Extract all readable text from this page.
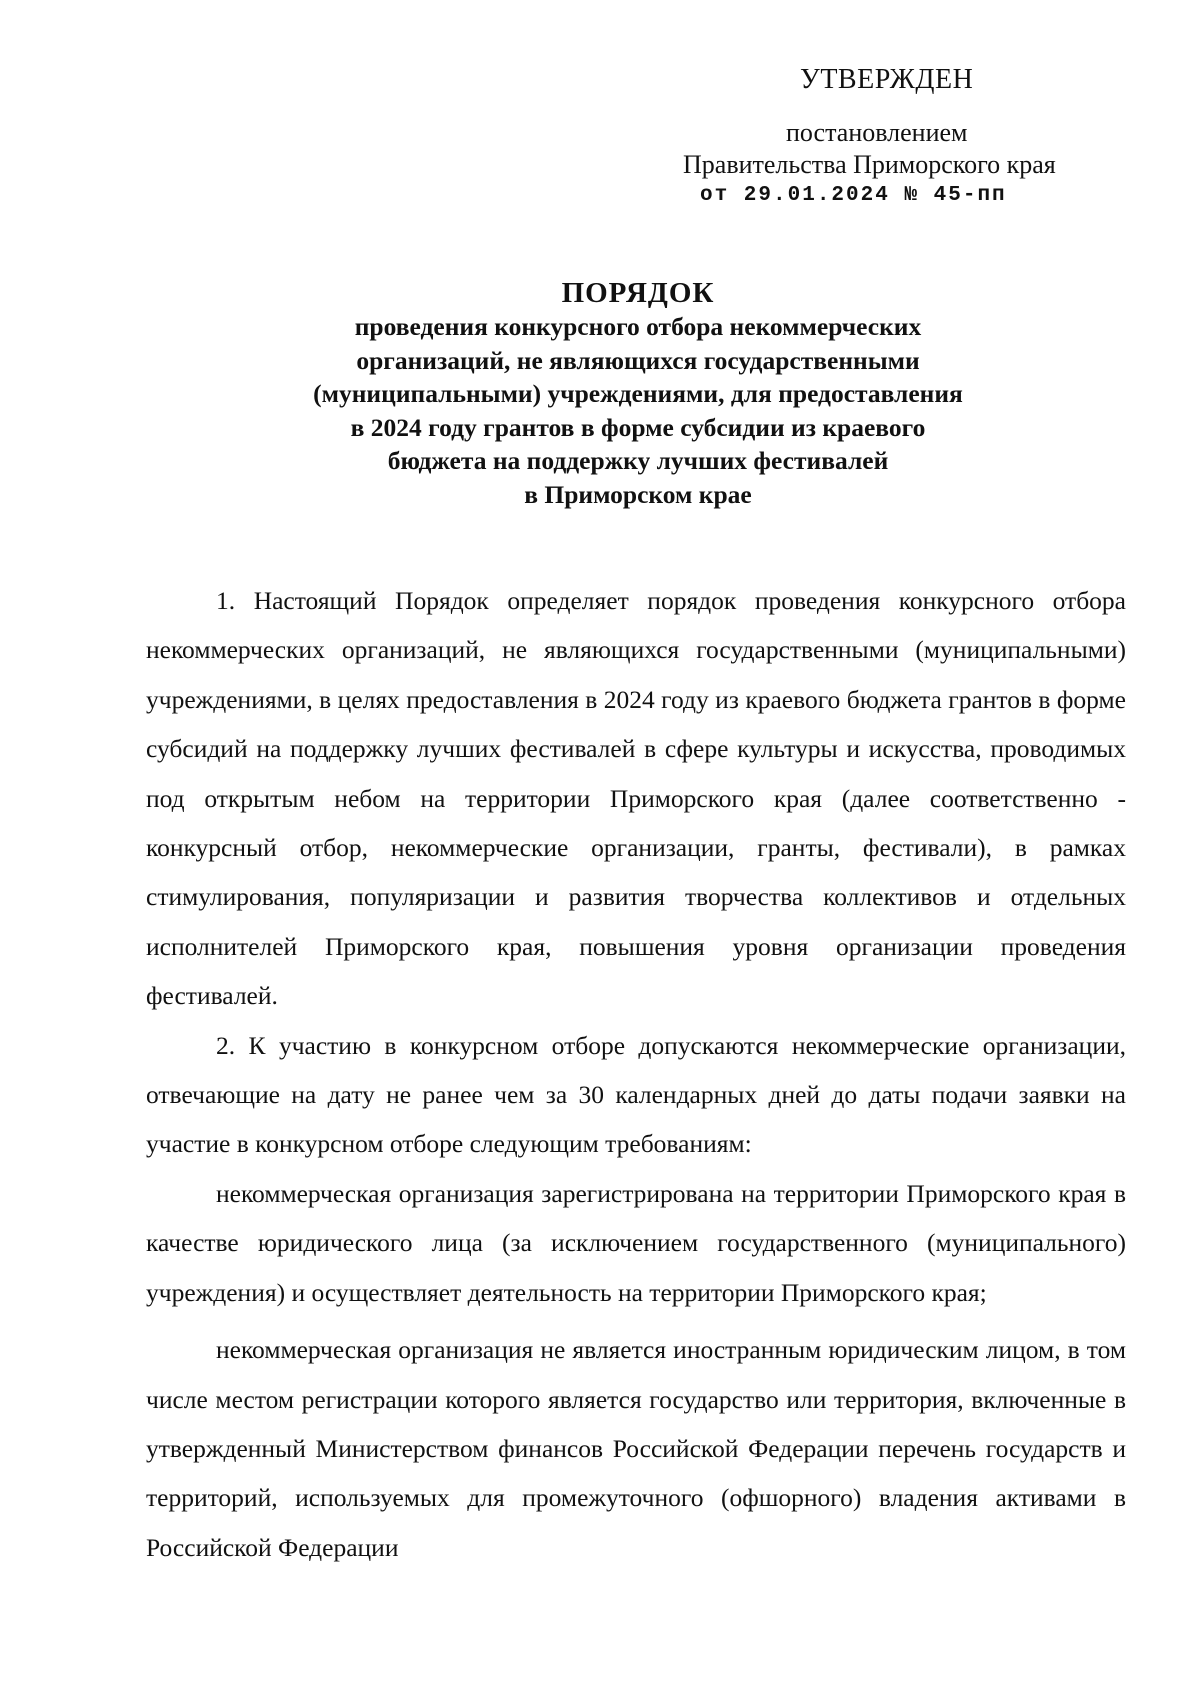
УТВЕРЖДЕН
постановлением
Правительства Приморского края
от 29.01.2024 № 45-пп
ПОРЯДОК
проведения конкурсного отбора некоммерческих
организаций, не являющихся государственными
(муниципальными) учреждениями, для предоставления
в 2024 году грантов в форме субсидии из краевого
бюджета на поддержку лучших фестивалей
в Приморском крае

1. Настоящий Порядок определяет порядок проведения конкурсного отбора некоммерческих организаций, не являющихся государственными (муниципальными) учреждениями, в целях предоставления в 2024 году из краевого бюджета грантов в форме субсидий на поддержку лучших фестивалей в сфере культуры и искусства, проводимых под открытым небом на территории Приморского края (далее соответственно - конкурсный отбор, некоммерческие организации, гранты, фестивали), в рамках стимулирования, популяризации и развития творчества коллективов и отдельных исполнителей Приморского края, повышения уровня организации проведения фестивалей.

2. К участию в конкурсном отборе допускаются некоммерческие организации, отвечающие на дату не ранее чем за 30 календарных дней до даты подачи заявки на участие в конкурсном отборе следующим требованиям:

некоммерческая организация зарегистрирована на территории Приморского края в качестве юридического лица (за исключением государственного (муниципального) учреждения) и осуществляет деятельность на территории Приморского края;

некоммерческая организация не является иностранным юридическим лицом, в том числе местом регистрации которого является государство или территория, включенные в утвержденный Министерством финансов Российской Федерации перечень государств и территорий, используемых для промежуточного (офшорного) владения активами в Российской Федерации
